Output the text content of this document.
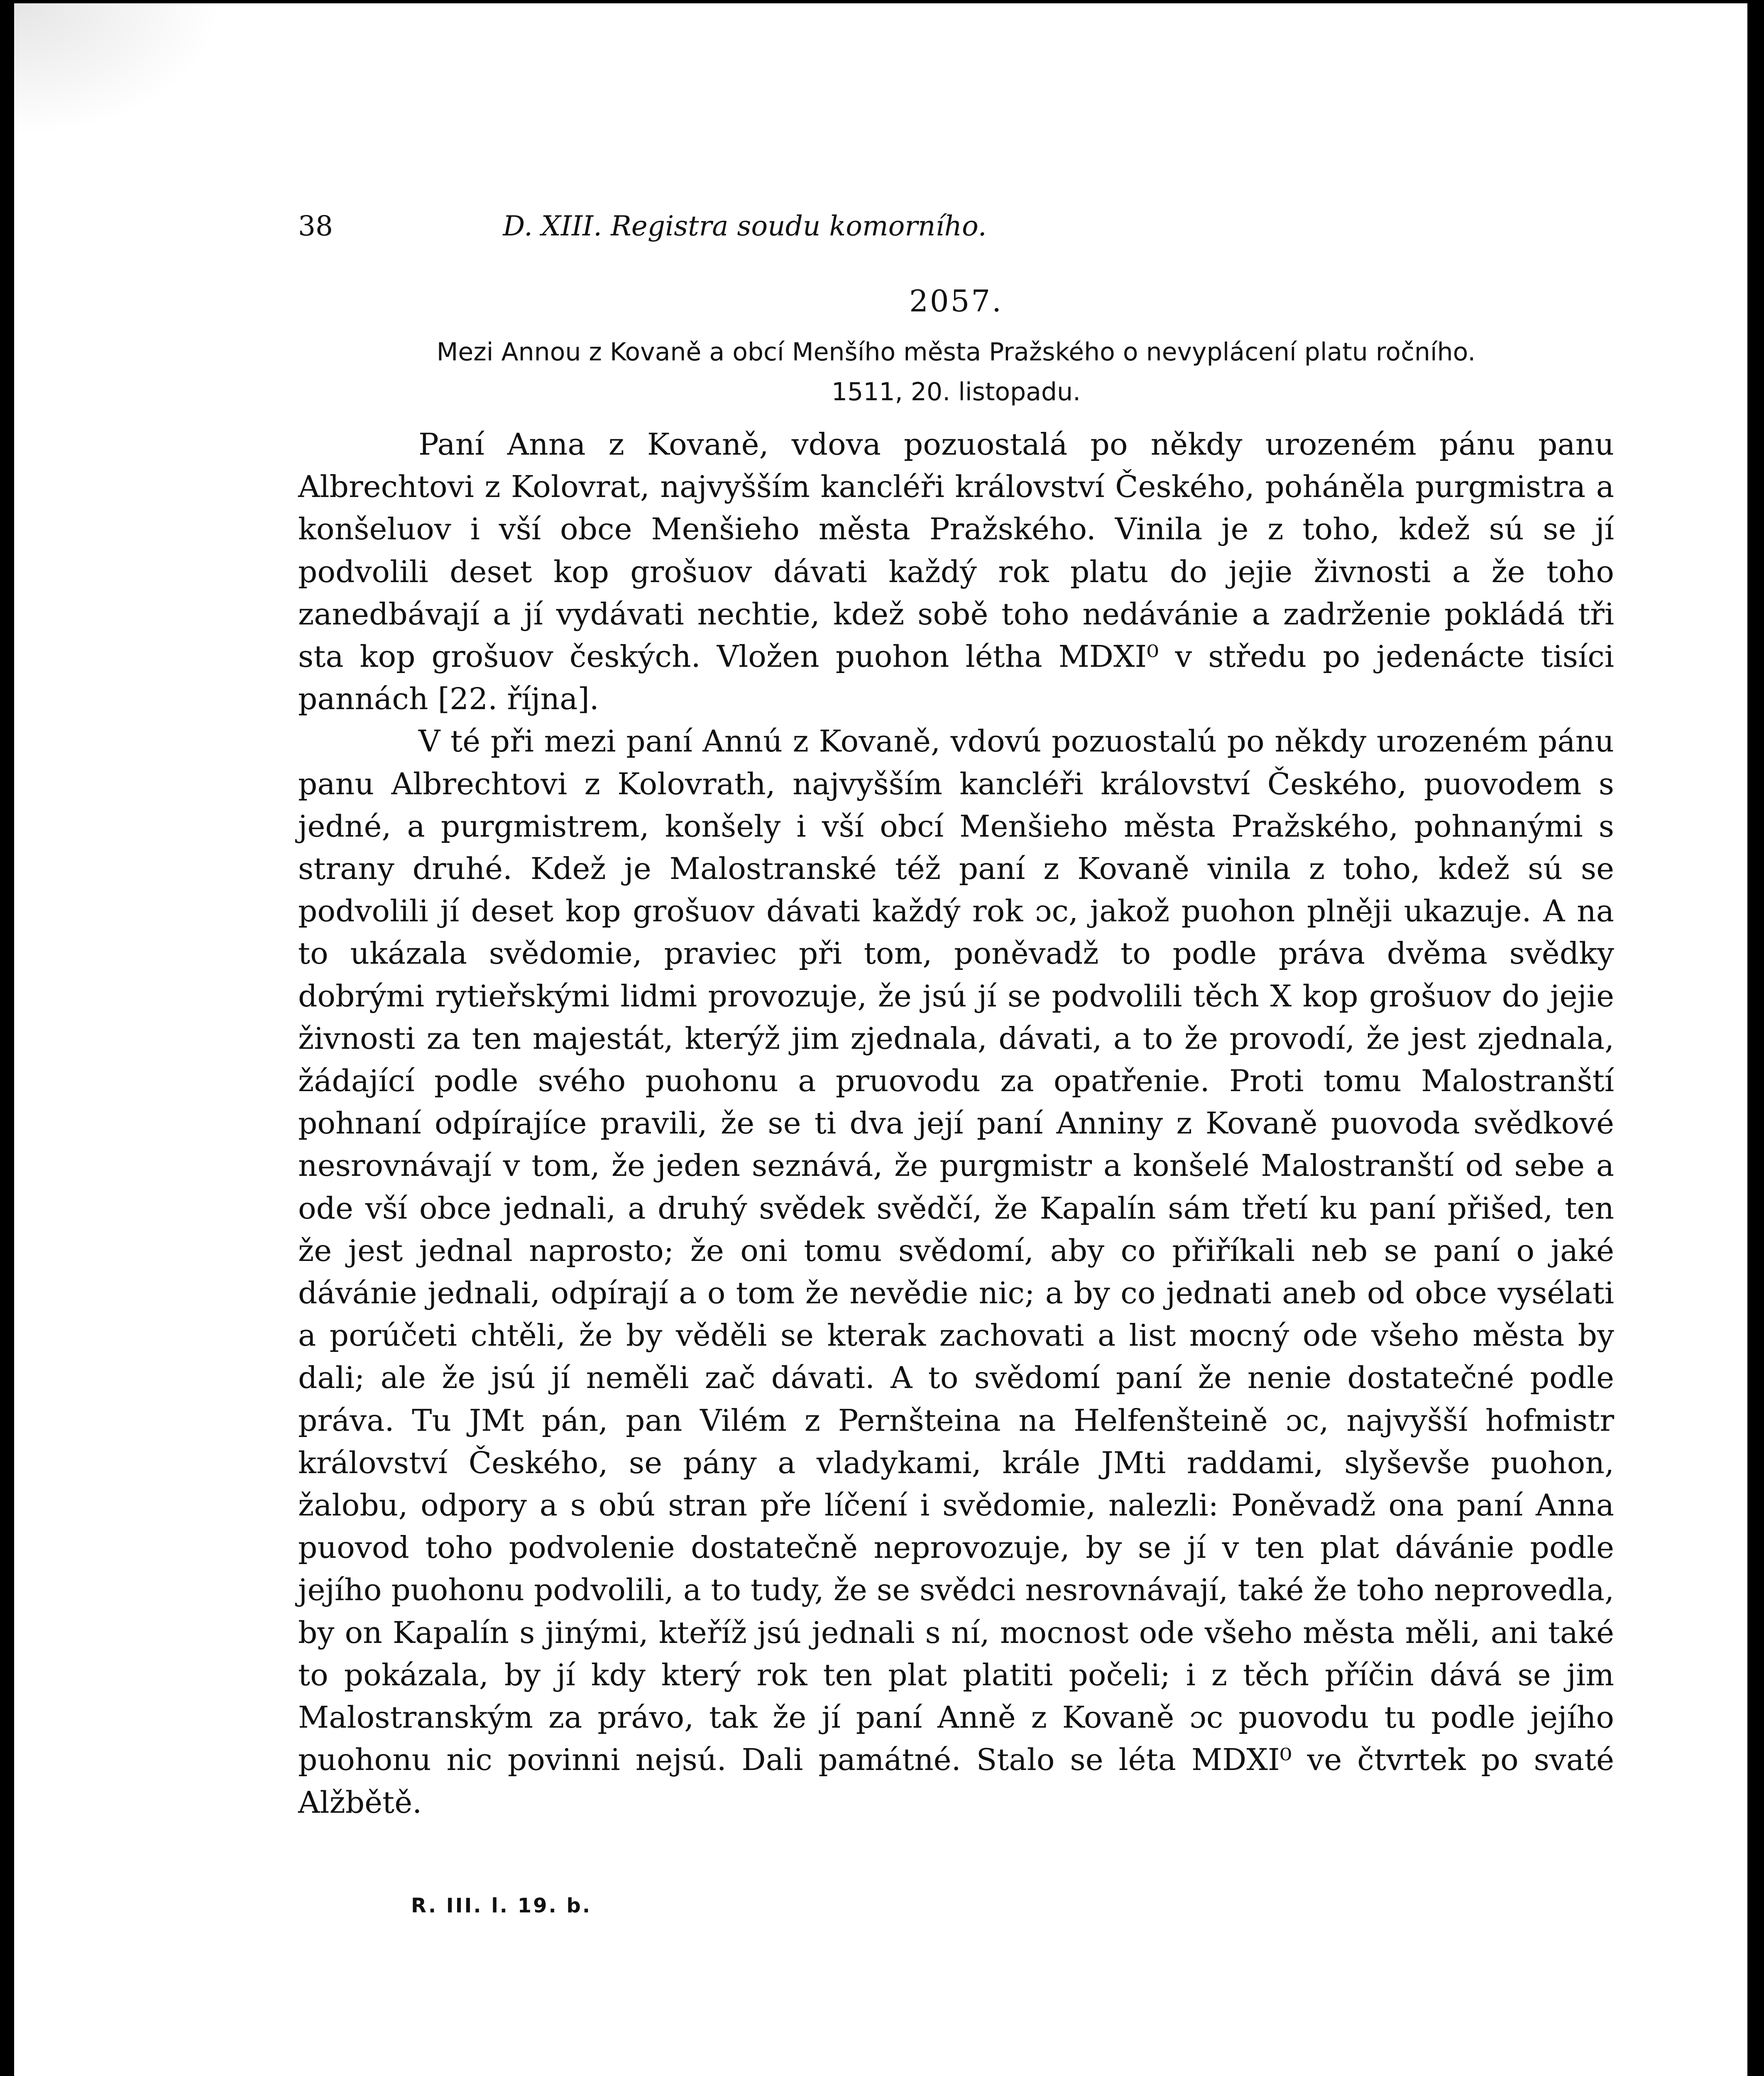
38	D. XIII. Registra soudu komorního.
2057.
Mezi Annou z Kovaně a obcí Menšího města Pražského o nevyplácení platu ročního.
1511, 20. listopadu.

Paní Anna z Kovaně, vdova pozuostalá po někdy urozeném pánu panu Albrechtovi z Kolovrat, najvyšším kancléři království Českého, poháněla purgmistra a konšeluov i vší obce Menšieho města Pražského. Vinila je z toho, kdež sú se jí podvolili deset kop grošuov dávati každý rok platu do jejie živnosti a že toho zanedbávají a jí vydávati nechtie, kdež sobě toho nedávánie a zadrženie pokládá tři sta kop grošuov českých. Vložen puohon létha MDXI⁰ v středu po jedenácte tisíci pannách [22. října].

V té při mezi paní Annú z Kovaně, vdovú pozuostalú po někdy urozeném pánu panu Albrechtovi z Kolovrath, najvyšším kancléři království Českého, puovodem s jedné, a purgmistrem, konšely i vší obcí Menšieho města Pražského, pohnanými s strany druhé. Kdež je Malostranské též paní z Kovaně vinila z toho, kdež sú se podvolili jí deset kop grošuov dávati každý rok ɔc, jakož puohon plněji ukazuje. A na to ukázala svědomie, praviec při tom, poněvadž to podle práva dvěma svědky dobrými rytieřskými lidmi provozuje, že jsú jí se podvolili těch X kop grošuov do jejie živnosti za ten majestát, kterýž jim zjednala, dávati, a to že provodí, že jest zjednala, žádající podle svého puohonu a pruovodu za opatřenie. Proti tomu Malostranští pohnaní odpírajíce pravili, že se ti dva její paní Anniny z Kovaně puovoda svědkové nesrovnávají v tom, že jeden seznává, že purgmistr a konšelé Malostranští od sebe a ode vší obce jednali, a druhý svědek svědčí, že Kapalín sám třetí ku paní přišed, ten že jest jednal naprosto; že oni tomu svědomí, aby co přiříkali neb se paní o jaké dávánie jednali, odpírají a o tom že nevědie nic; a by co jednati aneb od obce vysélati a porúčeti chtěli, že by věděli se kterak zachovati a list mocný ode všeho města by dali; ale že jsú jí neměli zač dávati. A to svědomí paní že nenie dostatečné podle práva. Tu JMt pán, pan Vilém z Pernšteina na Helfenšteině ɔc, najvyšší hofmistr království Českého, se pány a vladykami, krále JMti raddami, slyševše puohon, žalobu, odpory a s obú stran pře líčení i svědomie, nalezli: Poněvadž ona paní Anna puovod toho podvolenie dostatečně neprovozuje, by se jí v ten plat dávánie podle jejího puohonu podvolili, a to tudy, že se svědci nesrovnávají, také že toho neprovedla, by on Kapalín s jinými, kteříž jsú jednali s ní, mocnost ode všeho města měli, ani také to pokázala, by jí kdy který rok ten plat platiti počeli; i z těch příčin dává se jim Malostranským za právo, tak že jí paní Anně z Kovaně ɔc puovodu tu podle jejího puohonu nic povinni nejsú. Dali památné. Stalo se léta MDXI⁰ ve čtvrtek po svaté Alžbětě.

R. III. l. 19. b.
